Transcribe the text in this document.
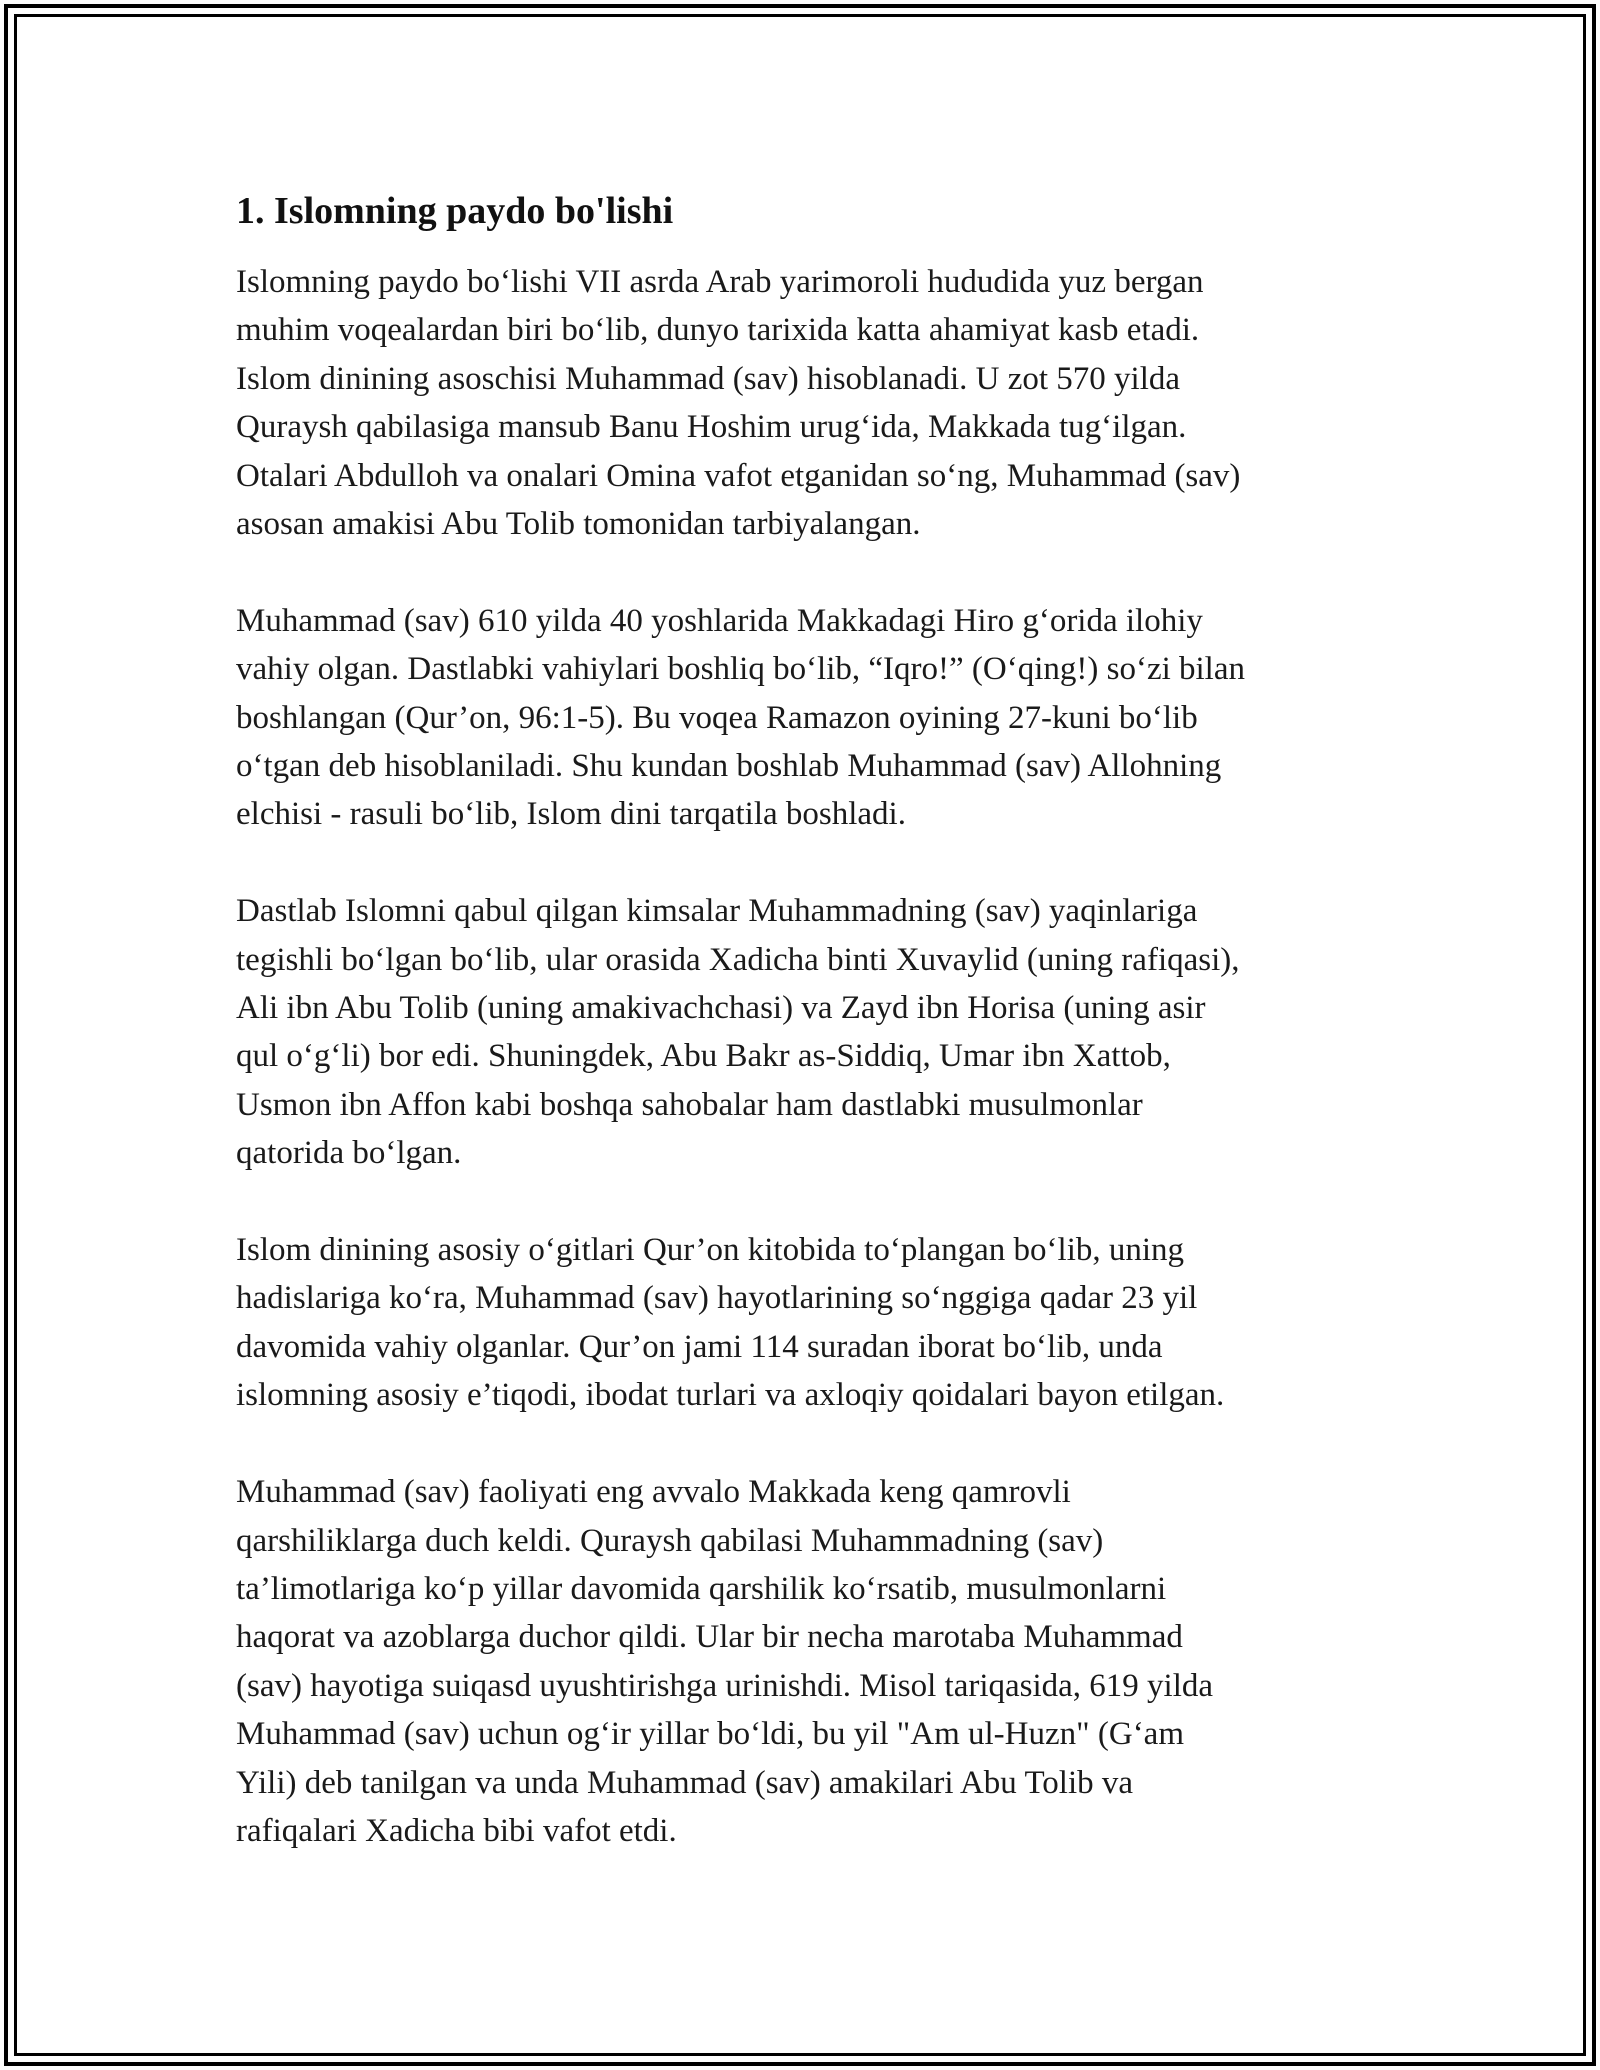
1. Islomning paydo bo'lishi

Islomning paydo bo‘lishi VII asrda Arab yarimoroli hududida yuz bergan
muhim voqealardan biri bo‘lib, dunyo tarixida katta ahamiyat kasb etadi.
Islom dinining asoschisi Muhammad (sav) hisoblanadi. U zot 570 yilda
Quraysh qabilasiga mansub Banu Hoshim urug‘ida, Makkada tug‘ilgan.
Otalari Abdulloh va onalari Omina vafot etganidan so‘ng, Muhammad (sav)
asosan amakisi Abu Tolib tomonidan tarbiyalangan.

Muhammad (sav) 610 yilda 40 yoshlarida Makkadagi Hiro g‘orida ilohiy
vahiy olgan. Dastlabki vahiylari boshliq bo‘lib, “Iqro!” (O‘qing!) so‘zi bilan
boshlangan (Qur’on, 96:1-5). Bu voqea Ramazon oyining 27-kuni bo‘lib
o‘tgan deb hisoblaniladi. Shu kundan boshlab Muhammad (sav) Allohning
elchisi - rasuli bo‘lib, Islom dini tarqatila boshladi.

Dastlab Islomni qabul qilgan kimsalar Muhammadning (sav) yaqinlariga
tegishli bo‘lgan bo‘lib, ular orasida Xadicha binti Xuvaylid (uning rafiqasi),
Ali ibn Abu Tolib (uning amakivachchasi) va Zayd ibn Horisa (uning asir
qul o‘g‘li) bor edi. Shuningdek, Abu Bakr as-Siddiq, Umar ibn Xattob,
Usmon ibn Affon kabi boshqa sahobalar ham dastlabki musulmonlar
qatorida bo‘lgan.

Islom dinining asosiy o‘gitlari Qur’on kitobida to‘plangan bo‘lib, uning
hadislariga ko‘ra, Muhammad (sav) hayotlarining so‘nggiga qadar 23 yil
davomida vahiy olganlar. Qur’on jami 114 suradan iborat bo‘lib, unda
islomning asosiy e’tiqodi, ibodat turlari va axloqiy qoidalari bayon etilgan.

Muhammad (sav) faoliyati eng avvalo Makkada keng qamrovli
qarshiliklarga duch keldi. Quraysh qabilasi Muhammadning (sav)
ta’limotlariga ko‘p yillar davomida qarshilik ko‘rsatib, musulmonlarni
haqorat va azoblarga duchor qildi. Ular bir necha marotaba Muhammad
(sav) hayotiga suiqasd uyushtirishga urinishdi. Misol tariqasida, 619 yilda
Muhammad (sav) uchun og‘ir yillar bo‘ldi, bu yil "Am ul-Huzn" (G‘am
Yili) deb tanilgan va unda Muhammad (sav) amakilari Abu Tolib va
rafiqalari Xadicha bibi vafot etdi.
